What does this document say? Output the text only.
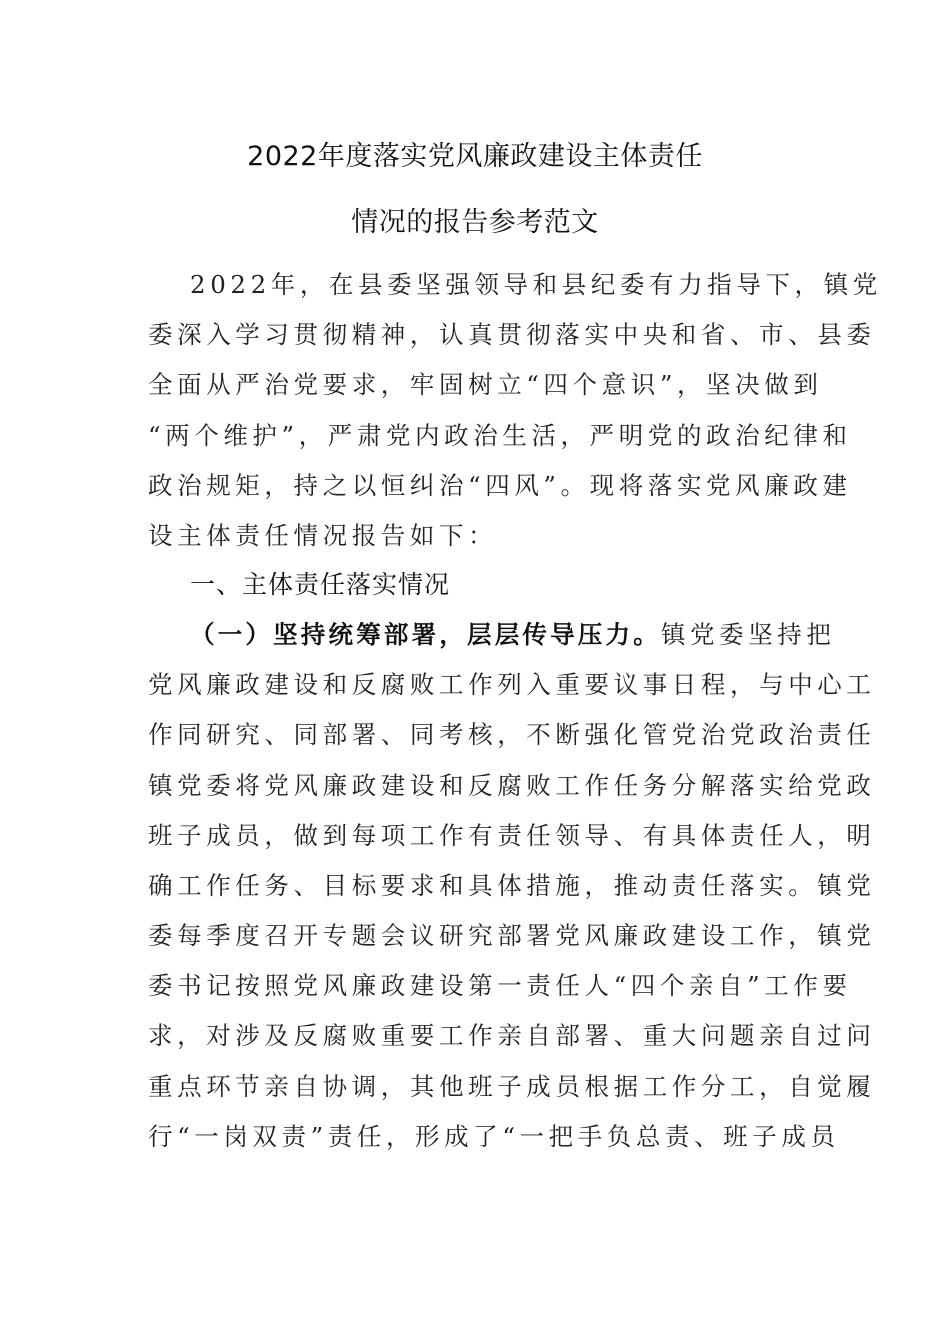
2022年度落实党风廉政建设主体责任
情况的报告参考范文
2022年，在县委坚强领导和县纪委有力指导下，镇党
委深入学习贯彻精神，认真贯彻落实中央和省、市、县委
全面从严治党要求，牢固树立“四个意识”，坚决做到
“两个维护”，严肃党内政治生活，严明党的政治纪律和
政治规矩，持之以恒纠治“四风”。现将落实党风廉政建
设主体责任情况报告如下：
一、主体责任落实情况
（一）坚持统筹部署，层层传导压力。镇党委坚持把
党风廉政建设和反腐败工作列入重要议事日程，与中心工
作同研究、同部署、同考核，不断强化管党治党政治责任
镇党委将党风廉政建设和反腐败工作任务分解落实给党政
班子成员，做到每项工作有责任领导、有具体责任人，明
确工作任务、目标要求和具体措施，推动责任落实。镇党
委每季度召开专题会议研究部署党风廉政建设工作，镇党
委书记按照党风廉政建设第一责任人“四个亲自”工作要
求，对涉及反腐败重要工作亲自部署、重大问题亲自过问
重点环节亲自协调，其他班子成员根据工作分工，自觉履
行“一岗双责”责任，形成了“一把手负总责、班子成员
